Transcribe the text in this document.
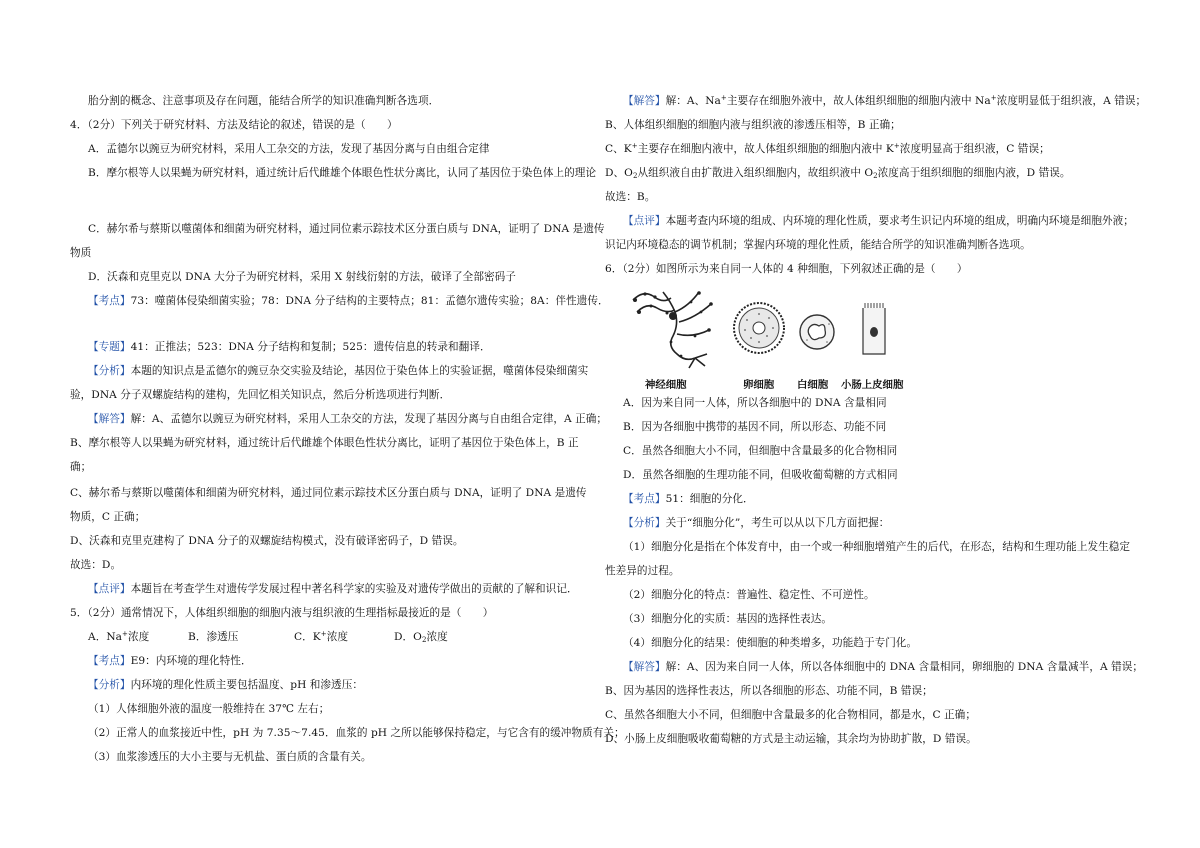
胎分割的概念、注意事项及存在问题，能结合所学的知识准确判断各选项．
4．（2分）下列关于研究材料、方法及结论的叙述，错误的是（　　）
A．孟德尔以豌豆为研究材料，采用人工杂交的方法，发现了基因分离与自由组合定律
B．摩尔根等人以果蝇为研究材料，通过统计后代雌雄个体眼色性状分离比，认同了基因位于染色体上的理论
C．赫尔希与蔡斯以噬菌体和细菌为研究材料，通过同位素示踪技术区分蛋白质与 DNA，证明了 DNA 是遗传
物质
D．沃森和克里克以 DNA 大分子为研究材料，采用 X 射线衍射的方法，破译了全部密码子
【考点】73：噬菌体侵染细菌实验；78：DNA 分子结构的主要特点；81：孟德尔遗传实验；8A：伴性遗传．
【专题】41：正推法；523：DNA 分子结构和复制；525：遗传信息的转录和翻译．
【分析】本题的知识点是孟德尔的豌豆杂交实验及结论，基因位于染色体上的实验证据，噬菌体侵染细菌实
验，DNA 分子双螺旋结构的建构，先回忆相关知识点，然后分析选项进行判断．
【解答】解：A、孟德尔以豌豆为研究材料，采用人工杂交的方法，发现了基因分离与自由组合定律，A 正确；
B、摩尔根等人以果蝇为研究材料，通过统计后代雌雄个体眼色性状分离比，证明了基因位于染色体上，B 正
确；
C、赫尔希与蔡斯以噬菌体和细菌为研究材料，通过同位素示踪技术区分蛋白质与 DNA，证明了 DNA 是遗传
物质，C 正确；
D、沃森和克里克建构了 DNA 分子的双螺旋结构模式，没有破译密码子，D 错误。
故选：D。
【点评】本题旨在考查学生对遗传学发展过程中著名科学家的实验及对遗传学做出的贡献的了解和识记．
5．（2分）通常情况下，人体组织细胞的细胞内液与组织液的生理指标最接近的是（　　）
A．Na+浓度	B．渗透压	C．K+浓度	D．$O_2$浓度
【考点】E9：内环境的理化特性．
【分析】内环境的理化性质主要包括温度、pH 和渗透压：
（1）人体细胞外液的温度一般维持在 37℃ 左右；
（2）正常人的血浆接近中性，pH 为 7.35～7.45．血浆的 pH 之所以能够保持稳定，与它含有的缓冲物质有关；
（3）血浆渗透压的大小主要与无机盐、蛋白质的含量有关。
【解答】解：A、Na+主要存在细胞外液中，故人体组织细胞的细胞内液中 Na+浓度明显低于组织液，A 错误；
B、人体组织细胞的细胞内液与组织液的渗透压相等，B 正确；
C、K+主要存在细胞内液中，故人体组织细胞的细胞内液中 K+浓度明显高于组织液，C 错误；
D、$O_2$从组织液自由扩散进入组织细胞内，故组织液中 $O_2$浓度高于组织细胞的细胞内液，D 错误。
故选：B。
【点评】本题考查内环境的组成、内环境的理化性质，要求考生识记内环境的组成，明确内环境是细胞外液；
识记内环境稳态的调节机制；掌握内环境的理化性质，能结合所学的知识准确判断各选项。
6．（2分）如图所示为来自同一人体的 4 种细胞，下列叙述正确的是（　　）
神经细胞	卵细胞 白细胞 小肠上皮细胞
A．因为来自同一人体，所以各细胞中的 DNA 含量相同
B．因为各细胞中携带的基因不同，所以形态、功能不同
C．虽然各细胞大小不同，但细胞中含量最多的化合物相同
D．虽然各细胞的生理功能不同，但吸收葡萄糖的方式相同
【考点】51：细胞的分化．
【分析】关于“细胞分化”，考生可以从以下几方面把握：
（1）细胞分化是指在个体发育中，由一个或一种细胞增殖产生的后代，在形态，结构和生理功能上发生稳定
性差异的过程。
（2）细胞分化的特点：普遍性、稳定性、不可逆性。
（3）细胞分化的实质：基因的选择性表达。
（4）细胞分化的结果：使细胞的种类增多，功能趋于专门化。
【解答】解：A、因为来自同一人体，所以各体细胞中的 DNA 含量相同，卵细胞的 DNA 含量减半，A 错误；
B、因为基因的选择性表达，所以各细胞的形态、功能不同，B 错误；
C、虽然各细胞大小不同，但细胞中含量最多的化合物相同，都是水，C 正确；
D、小肠上皮细胞吸收葡萄糖的方式是主动运输，其余均为协助扩散，D 错误。
